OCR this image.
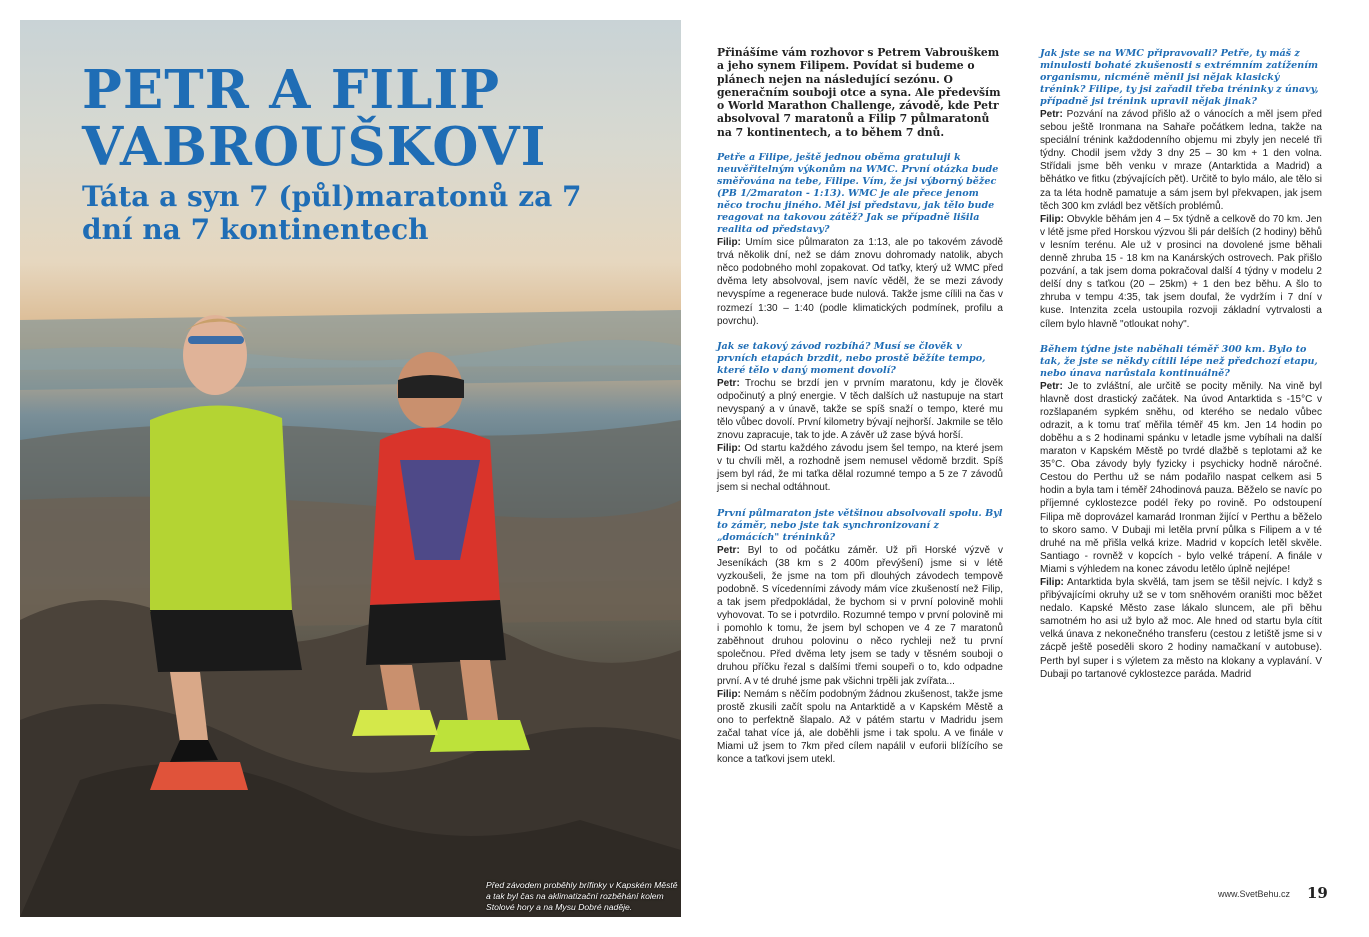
PETR A FILIP
VABROUŠKOVI
Táta a syn 7 (půl)maratonů za 7 dní na 7 kontinentech

Před závodem proběhly brífinky v Kapském Městě a tak byl čas na aklimatizační rozběhání kolem Stolové hory a na Mysu Dobré naděje.

Přinášíme vám rozhovor s Petrem Vabrouškem a jeho synem Filipem. Povídat si budeme o plánech nejen na následující sezónu. O generačním souboji otce a syna. Ale především o World Marathon Challenge, závodě, kde Petr absolvoval 7 maratonů a Filip 7 půlmaratonů na 7 kontinentech, a to během 7 dnů.

Petře a Filipe, ještě jednou oběma gratuluji k neuvěřitelným výkonům na WMC. První otázka bude směřována na tebe, Filipe. Vím, že jsi výborný běžec (PB 1/2maraton - 1:13). WMC je ale přece jenom něco trochu jiného. Měl jsi představu, jak tělo bude reagovat na takovou zátěž? Jak se případně lišila realita od představy?

Filip: Umím sice půlmaraton za 1:13, ale po takovém závodě trvá několik dní, než se dám znovu dohromady natolik, abych něco podobného mohl zopakovat. Od taťky, který už WMC před dvěma lety absolvoval, jsem navíc věděl, že se mezi závody nevyspíme a regenerace bude nulová. Takže jsme cílili na čas v rozmezí 1:30 – 1:40 (podle klimatických podmínek, profilu a povrchu).

Jak se takový závod rozbíhá? Musí se člověk v prvních etapách brzdit, nebo prostě běžíte tempo, které tělo v daný moment dovolí?

Petr: Trochu se brzdí jen v prvním maratonu, kdy je člověk odpočinutý a plný energie. V těch dalších už nastupuje na start nevyspaný a v únavě, takže se spíš snaží o tempo, které mu tělo vůbec dovolí. První kilometry bývají nejhorší. Jakmile se tělo znovu zapracuje, tak to jde. A závěr už zase bývá horší.

Filip: Od startu každého závodu jsem šel tempo, na které jsem v tu chvíli měl, a rozhodně jsem nemusel vědomě brzdit. Spíš jsem byl rád, že mi taťka dělal rozumné tempo a 5 ze 7 závodů jsem si nechal odtáhnout.

První půlmaraton jste většinou absolvovali spolu. Byl to záměr, nebo jste tak synchronizovaní z „domácích" tréninků?

Petr: Byl to od počátku záměr. Už při Horské výzvě v Jeseníkách (38 km s 2 400m převýšení) jsme si v létě vyzkoušeli, že jsme na tom při dlouhých závodech tempově podobně. S vícedenními závody mám více zkušeností než Filip, a tak jsem předpokládal, že bychom si v první polovině mohli vyhovovat. To se i potvrdilo. Rozumné tempo v první polovině mi i pomohlo k tomu, že jsem byl schopen ve 4 ze 7 maratonů zaběhnout druhou polovinu o něco rychleji než tu první společnou. Před dvěma lety jsem se tady v těsném souboji o druhou příčku řezal s dalšími třemi soupeři o to, kdo odpadne první. A v té druhé jsme pak všichni trpěli jak zvířata...

Filip: Nemám s něčím podobným žádnou zkušenost, takže jsme prostě zkusili začít spolu na Antarktidě a v Kapském Městě a ono to perfektně šlapalo. Až v pátém startu v Madridu jsem začal tahat více já, ale doběhli jsme i tak spolu. A ve finále v Miami už jsem to 7km před cílem napálil v euforii blížícího se konce a taťkovi jsem utekl.

Jak jste se na WMC připravovali? Petře, ty máš z minulosti bohaté zkušenosti s extrémním zatížením organismu, nicméně měnil jsi nějak klasický trénink? Filipe, ty jsi zařadil třeba tréninky z únavy, případně jsi trénink upravil nějak jinak?

Petr: Pozvání na závod přišlo až o vánocích a měl jsem před sebou ještě Ironmana na Sahaře počátkem ledna, takže na speciální trénink každodenního objemu mi zbyly jen necelé tři týdny. Chodil jsem vždy 3 dny 25 – 30 km + 1 den volna. Střídali jsme běh venku v mraze (Antarktida a Madrid) a běhátko ve fitku (zbývajících pět). Určitě to bylo málo, ale tělo si za ta léta hodně pamatuje a sám jsem byl překvapen, jak jsem těch 300 km zvládl bez větších problémů.

Filip: Obvykle běhám jen 4 – 5x týdně a celkově do 70 km. Jen v létě jsme před Horskou výzvou šli pár delších (2 hodiny) běhů v lesním terénu. Ale už v prosinci na dovolené jsme běhali denně zhruba 15 - 18 km na Kanárských ostrovech. Pak přišlo pozvání, a tak jsem doma pokračoval další 4 týdny v modelu 2 delší dny s taťkou (20 – 25km) + 1 den bez běhu. A šlo to zhruba v tempu 4:35, tak jsem doufal, že vydržím i 7 dní v kuse. Intenzita zcela ustoupila rozvoji základní vytrvalosti a cílem bylo hlavně "otloukat nohy".

Během týdne jste naběhali téměř 300 km. Bylo to tak, že jste se někdy cítili lépe než předchozí etapu, nebo únava narůstala kontinuálně?

Petr: Je to zvláštní, ale určitě se pocity měnily. Na vině byl hlavně dost drastický začátek. Na úvod Antarktida s -15°C v rozšlapaném sypkém sněhu, od kterého se nedalo vůbec odrazit, a k tomu trať měřila téměř 45 km. Jen 14 hodin po doběhu a s 2 hodinami spánku v letadle jsme vybíhali na další maraton v Kapském Městě po tvrdé dlažbě s teplotami až ke 35°C. Oba závody byly fyzicky i psychicky hodně náročné. Cestou do Perthu už se nám podařilo naspat celkem asi 5 hodin a byla tam i téměř 24hodinová pauza. Běželo se navíc po příjemné cyklostezce podél řeky po rovině. Po odstoupení Filipa mě doprovázel kamarád Ironman žijící v Perthu a běželo to skoro samo. V Dubaji mi letěla první půlka s Filipem a v té druhé na mě přišla velká krize. Madrid v kopcích letěl skvěle. Santiago - rovněž v kopcích - bylo velké trápení. A finále v Miami s výhledem na konec závodu letělo úplně nejlépe!

Filip: Antarktida byla skvělá, tam jsem se těšil nejvíc. I když s přibývajícími okruhy už se v tom sněhovém oraništi moc běžet nedalo. Kapské Město zase lákalo sluncem, ale při běhu samotném ho asi už bylo až moc. Ale hned od startu byla cítit velká únava z nekonečného transferu (cestou z letiště jsme si v zácpě ještě poseděli skoro 2 hodiny namačkaní v autobuse). Perth byl super i s výletem za město na klokany a vyplavání. V Dubaji po tartanové cyklostezce paráda. Madrid

www.SvetBehu.cz 19
